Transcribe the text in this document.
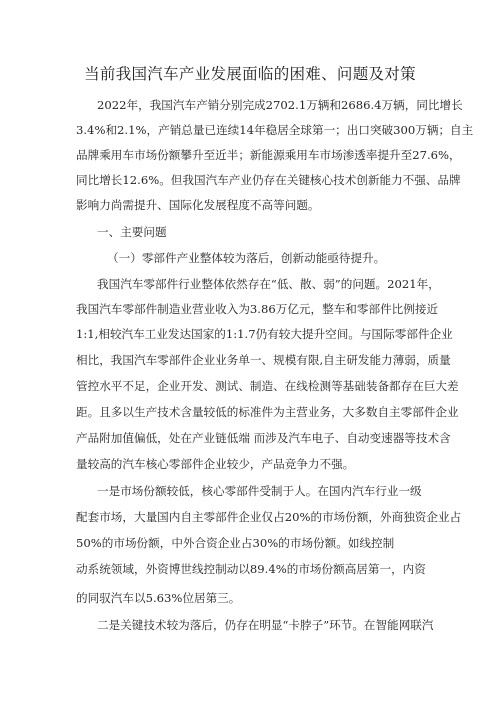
当前我国汽车产业发展面临的困难、问题及对策
2022年，我国汽车产销分别完成2702.1万辆和2686.4万辆，同比增长
3.4%和2.1%，产销总量已连续14年稳居全球第一；出口突破300万辆；自主
品牌乘用车市场份额攀升至近半；新能源乘用车市场渗透率提升至27.6%，
同比增长12.6%。但我国汽车产业仍存在关键核心技术创新能力不强、品牌
影响力尚需提升、国际化发展程度不高等问题。
一、主要问题
（一）零部件产业整体较为落后，创新动能亟待提升。
我国汽车零部件行业整体依然存在“低、散、弱”的问题。2021年，
我国汽车零部件制造业营业收入为3.86万亿元，整车和零部件比例接近
1:1,相较汽车工业发达国家的1:1.7仍有较大提升空间。与国际零部件企业
相比，我国汽车零部件企业业务单一、规模有限,自主研发能力薄弱，质量
管控水平不足，企业开发、测试、制造、在线检测等基础装备都存在巨大差
距。且多以生产技术含量较低的标准件为主营业务，大多数自主零部件企业
产品附加值偏低，处在产业链低端 而涉及汽车电子、自动变速器等技术含
量较高的汽车核心零部件企业较少，产品竞争力不强。
一是市场份额较低，核心零部件受制于人。在国内汽车行业一级
配套市场，大量国内自主零部件企业仅占20%的市场份额，外商独资企业占
50%的市场份额，中外合资企业占30%的市场份额。如线控制
动系统领域，外资博世线控制动以89.4%的市场份额高居第一，内资
的同驭汽车以5.63%位居第三。
二是关键技术较为落后，仍存在明显“卡脖子”环节。在智能网联汽
